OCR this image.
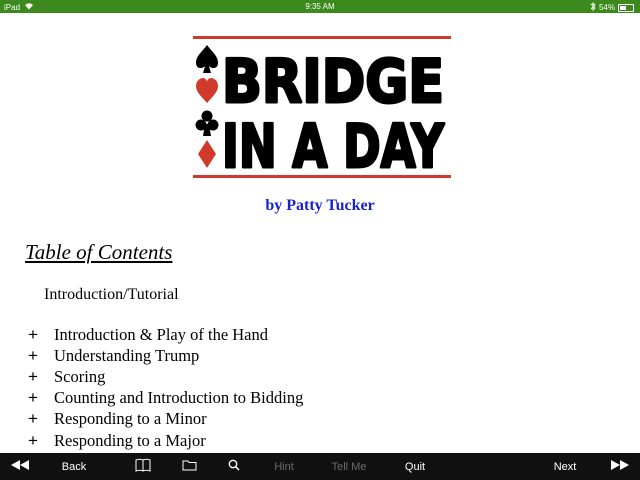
iPad	9:35 AM	54%
BRIDGE
IN A DAY
by Patty Tucker
Table of Contents
Introduction/Tutorial
+ Introduction & Play of the Hand
+ Understanding Trump
+ Scoring
+ Counting and Introduction to Bidding
+ Responding to a Minor
+ Responding to a Major
Back	Hint	Tell Me	Quit	Next
